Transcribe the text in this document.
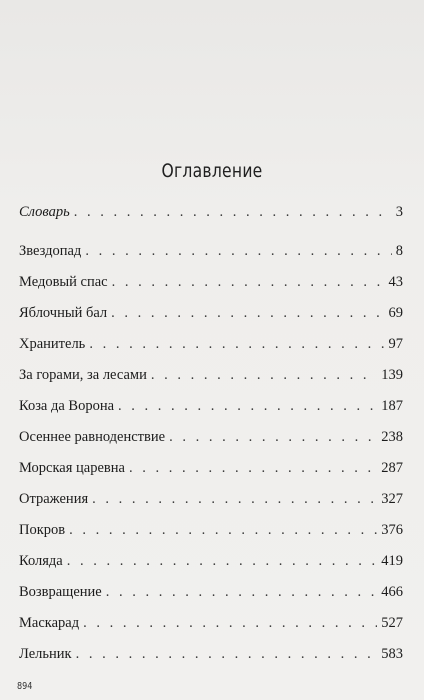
Оглавление
Словарь . . .	3
Звездопад . . .	8
Медовый спас . . .	43
Яблочный бал . . .	69
Хранитель . . .	97
За горами, за лесами . . .	139
Коза да Ворона . . .	187
Осеннее равноденствие . . .	238
Морская царевна . . .	287
Отражения . . .	327
Покров . . .	376
Коляда . . .	419
Возвращение . . .	466
Маскарад . . .	527
Лельник . . .	583
894
